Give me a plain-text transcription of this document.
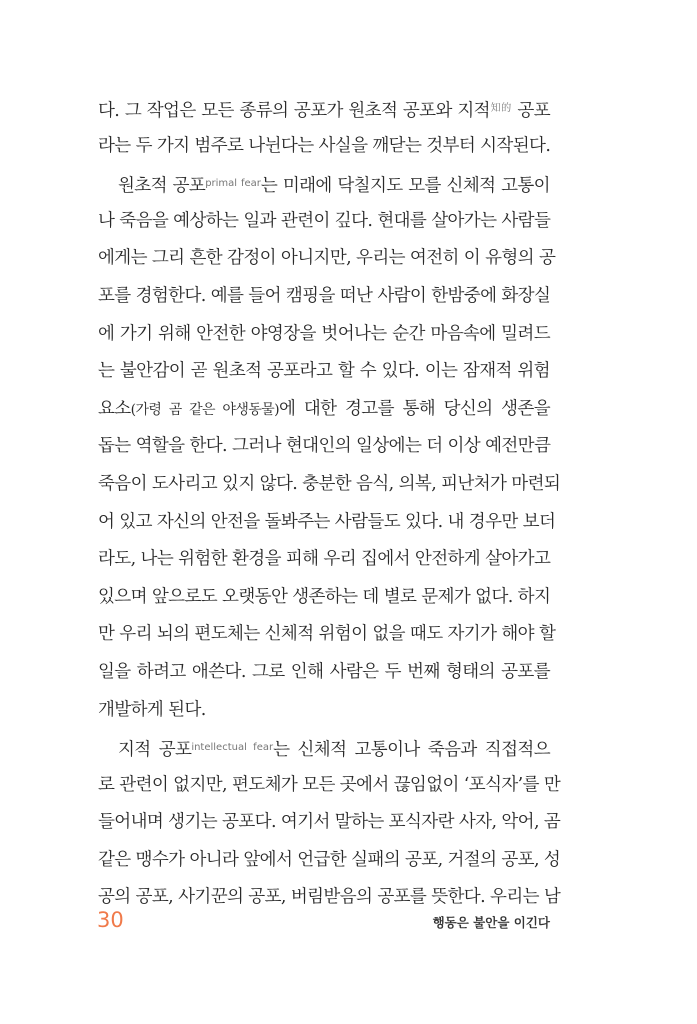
다. 그 작업은 모든 종류의 공포가 원초적 공포와 지적$^{知的}$ 공포
라는 두 가지 범주로 나뉜다는 사실을 깨닫는 것부터 시작된다.
원초적 공포$^{primal fear}$는 미래에 닥칠지도 모를 신체적 고통이
나 죽음을 예상하는 일과 관련이 깊다. 현대를 살아가는 사람들
에게는 그리 흔한 감정이 아니지만, 우리는 여전히 이 유형의 공
포를 경험한다. 예를 들어 캠핑을 떠난 사람이 한밤중에 화장실
에 가기 위해 안전한 야영장을 벗어나는 순간 마음속에 밀려드
는 불안감이 곧 원초적 공포라고 할 수 있다. 이는 잠재적 위험
요소(가령 곰 같은 야생동물)에 대한 경고를 통해 당신의 생존을
돕는 역할을 한다. 그러나 현대인의 일상에는 더 이상 예전만큼
죽음이 도사리고 있지 않다. 충분한 음식, 의복, 피난처가 마련되
어 있고 자신의 안전을 돌봐주는 사람들도 있다. 내 경우만 보더
라도, 나는 위험한 환경을 피해 우리 집에서 안전하게 살아가고
있으며 앞으로도 오랫동안 생존하는 데 별로 문제가 없다. 하지
만 우리 뇌의 편도체는 신체적 위험이 없을 때도 자기가 해야 할
일을 하려고 애쓴다. 그로 인해 사람은 두 번째 형태의 공포를
개발하게 된다.
지적 공포$^{intellectual fear}$는 신체적 고통이나 죽음과 직접적으
로 관련이 없지만, 편도체가 모든 곳에서 끊임없이 ‘포식자’를 만
들어내며 생기는 공포다. 여기서 말하는 포식자란 사자, 악어, 곰
같은 맹수가 아니라 앞에서 언급한 실패의 공포, 거절의 공포, 성
공의 공포, 사기꾼의 공포, 버림받음의 공포를 뜻한다. 우리는 남
30	행동은 불안을 이긴다
